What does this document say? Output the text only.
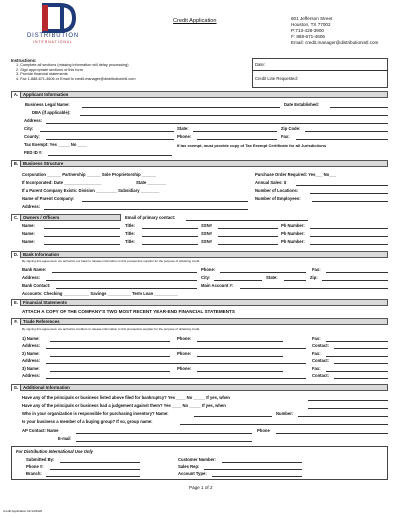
DISTRIBUTION
INTERNATIONAL
Credit Application	601 Jefferson Street
Houston, TX 77002
P:713-428-3900
F: 888-671-4606
Email: credit.manager@distributionintl.com
Instructions:
1. Complete all sections (missing information will delay processing)
2. Sign appropriate sections of this form
3. Provide financial statements
4. Fax 1-888-671-4606 or Email to credit.manager@distributionintl.com
Date:
Credit Line Requested:
A.	Applicant Information
Business Legal Name:	Date Established:
DBA (if applicable):
Address:
City:	State:	Zip Code:
County:	Phone:	Fax:
Tax Exempt: Yes _____ No ____	If tax exempt, must provide copy of Tax Exempt Certificate for all Jurisdictions
FED ID #:
B.	Business Structure
Corporation ______ Partnership ______ Sole Proprietorship ______	Purchase Order Required: Yes___ No___
If Incorporated: Date ________________	State ________	Annual Sales: $
If a Parent Company Exists: Division _________ Subsidiary ________	Number of Locations:
Name of Parent Company:	Number of Employees:
Address:
C.	Owners / Officers	Email of primary contact:
D.	Bank Information
By signing this agreement, we authorize our bank to release information to this prospective supplier for the purpose of obtaining credit.
Bank Name:	Phone:	Fax:
Address:	City:	State:	Zip:
Bank Contact:	Main Account #:
Accounts: Checking ___________ Savings __________ Term Loan __________
E.	Financial Statements
ATTACH A COPY OF THE COMPANY'S TWO MOST RECENT YEAR-END FINANCIAL STATEMENTS
F.	Trade References
By signing this agreement, we authorize creditors to release information to this prospective supplier for the purpose of obtaining credit.
G.	Additional Information
Have any of the principals or business listed above filed for bankruptcy? Yes ____ No _____ If yes, when
Have any of the principals or business had a judgement against them? Yes ____ No _____ If yes, when
Who in your organization is responsible for purchasing inventory? Name:	Number:
Is your business a member of a buying group? If so, group name:
AP Contact: Name	Phone
E-mail
For Distribution International Use Only
Submitted By:
Phone #:
Branch:
Customer Number:
Sales Rep:
Account Type:
Page 1 of 2
Credit Application 01/14/2020
Name:	Title:	SSN#	Ph Number:
Name:	Title:	SSN#	Ph Number:
Name:	Title:	SSN#	Ph Number:
1) Name:	Phone:	Fax:
Address:	Contact:
2) Name:	Phone:	Fax:
Address:	Contact:
3) Name:	Phone:	Fax:
Address:	Contact:
